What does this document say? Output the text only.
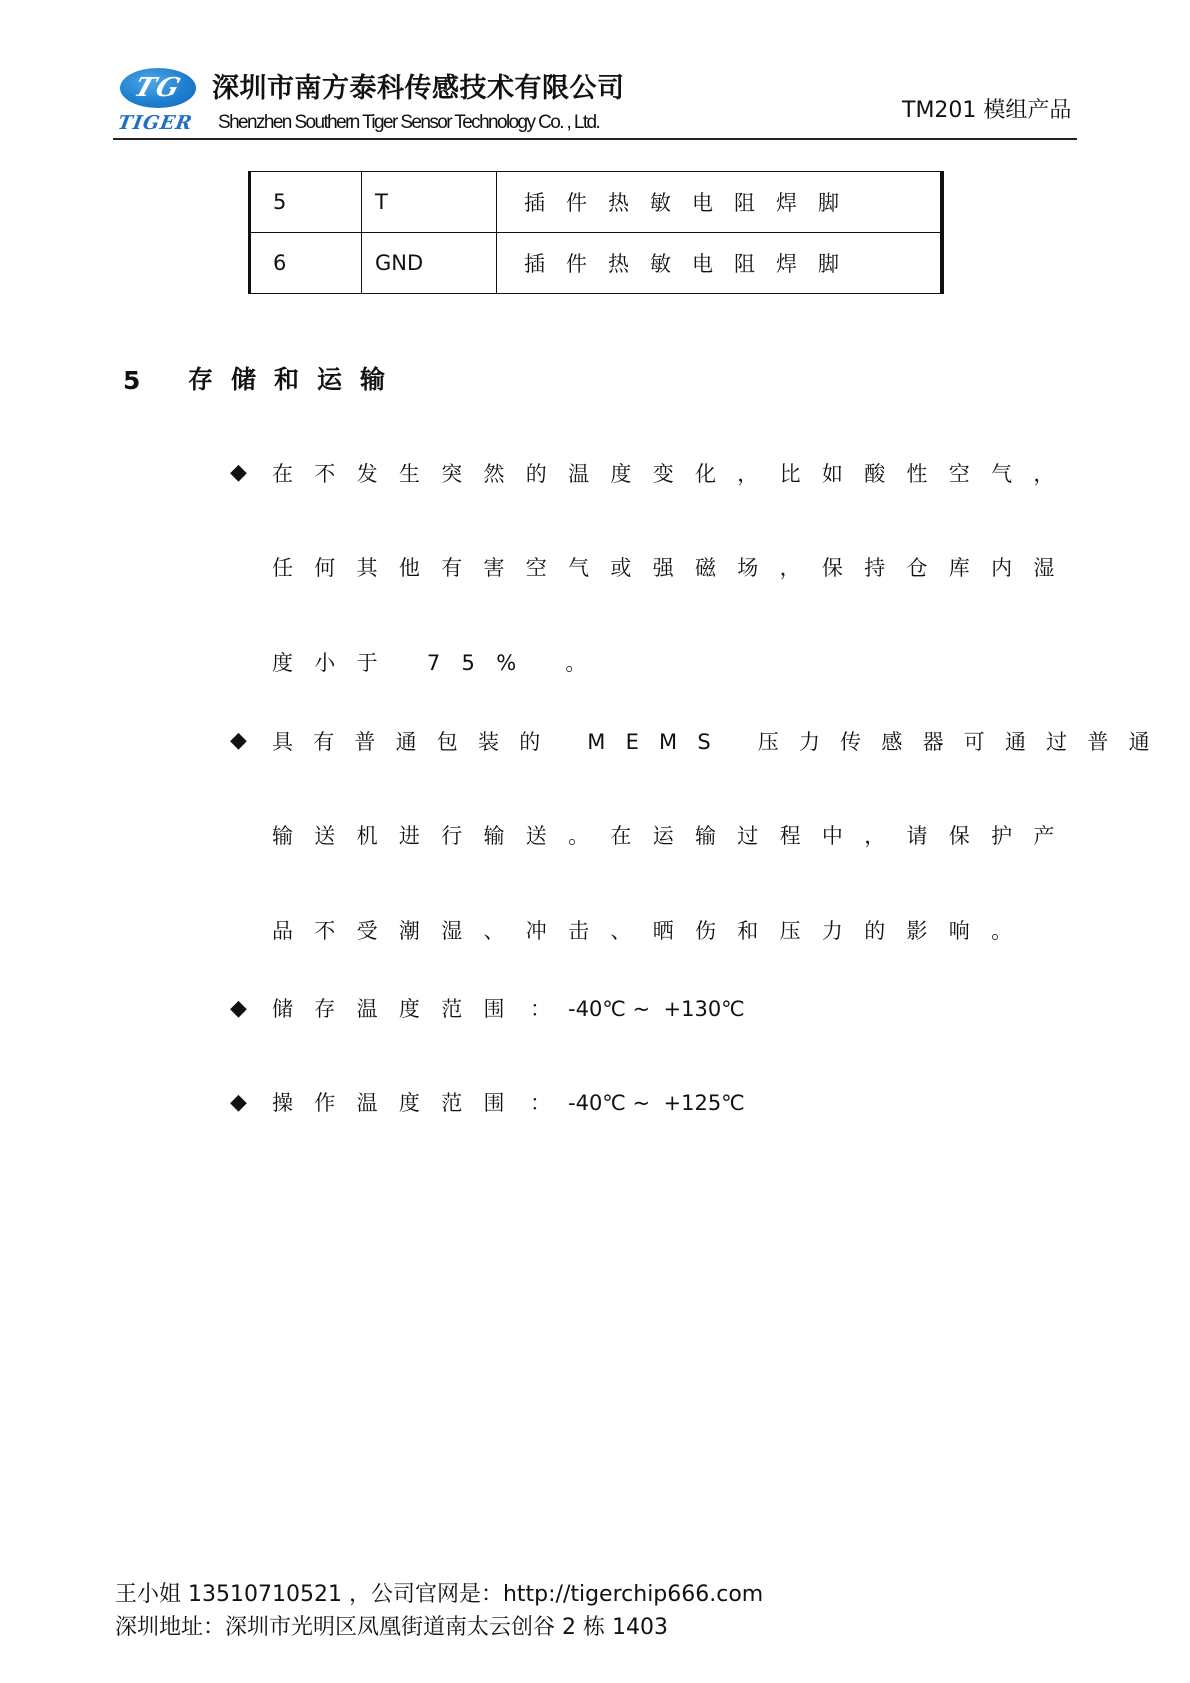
TG
TIGER
深圳市南方泰科传感技术有限公司
Shenzhen Southern Tiger Sensor Technology Co. , Ltd.	TM201 模组产品
5	T	插件热敏电阻焊脚
6	GND	插件热敏电阻焊脚
5 存储和运输
◆ 在不发生突然的温度变化，比如酸性空气，
任何其他有害空气或强磁场，保持仓库内湿
度小于 75% 。
◆ 具有普通包装的 MEMS 压力传感器可通过普通
输送机进行输送。在运输过程中，请保护产
品不受潮湿、冲击、晒伤和压力的影响。
◆ 储存温度范围 ：
-40℃ ~  +130℃
◆ 操作温度范围 ：
-40℃ ~  +125℃
王小姐 13510710521 ，公司官网是：http://tigerchip666.com
深圳地址：深圳市光明区凤凰街道南太云创谷 2 栋 1403
